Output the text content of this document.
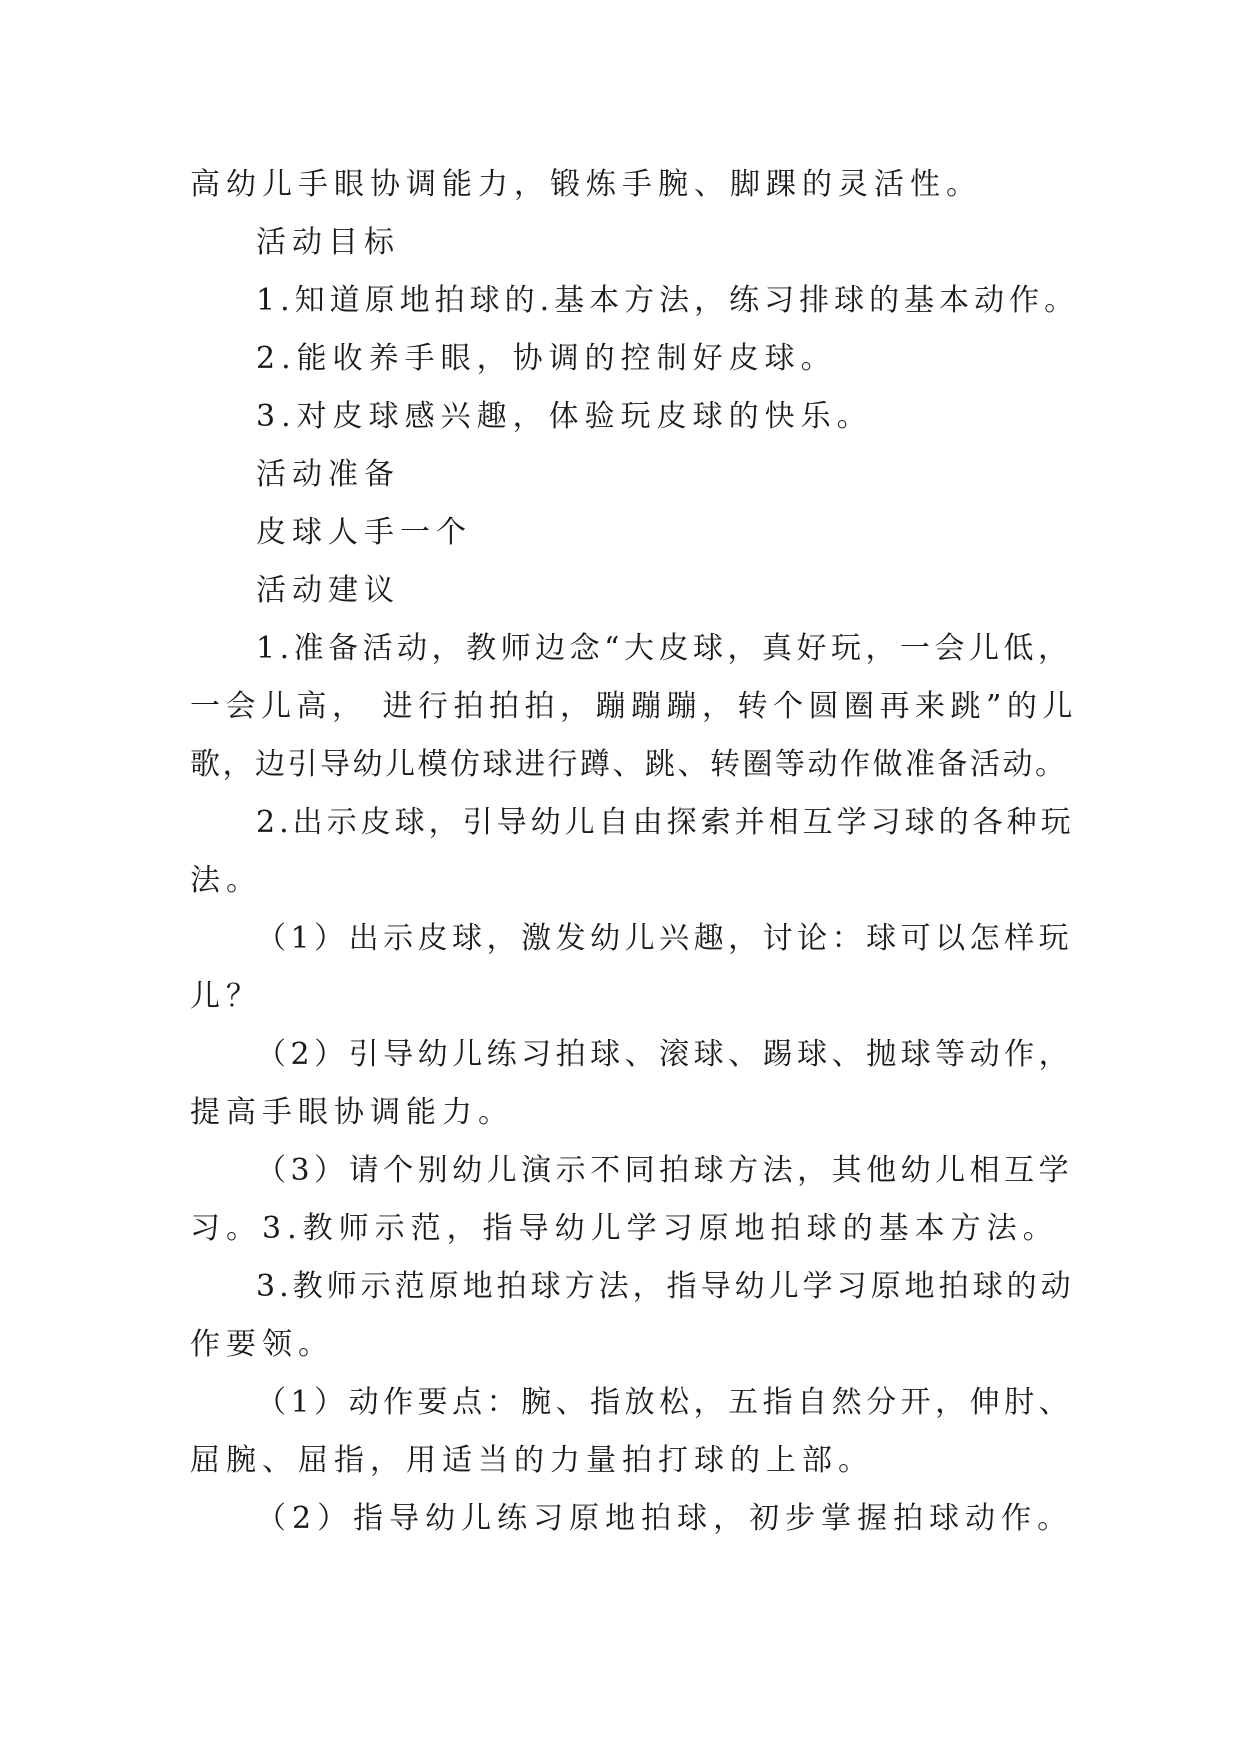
高幼儿手眼协调能力，锻炼手腕、脚踝的灵活性。
活动目标
1.知道原地拍球的.基本方法，练习排球的基本动作。
2.能收养手眼，协调的控制好皮球。
3.对皮球感兴趣，体验玩皮球的快乐。
活动准备
皮球人手一个
活动建议
1.准备活动，教师边念“大皮球，真好玩，一会儿低，
一会儿高， 进行拍拍拍，蹦蹦蹦，转个圆圈再来跳”的儿
歌，边引导幼儿模仿球进行蹲、跳、转圈等动作做准备活动。
2.出示皮球，引导幼儿自由探索并相互学习球的各种玩
法。
（1）出示皮球，激发幼儿兴趣，讨论：球可以怎样玩
儿？
（2）引导幼儿练习拍球、滚球、踢球、抛球等动作，
提高手眼协调能力。
（3）请个别幼儿演示不同拍球方法，其他幼儿相互学
习。3.教师示范，指导幼儿学习原地拍球的基本方法。
3.教师示范原地拍球方法，指导幼儿学习原地拍球的动
作要领。
（1）动作要点：腕、指放松，五指自然分开，伸肘、
屈腕、屈指，用适当的力量拍打球的上部。
（2）指导幼儿练习原地拍球，初步掌握拍球动作。
